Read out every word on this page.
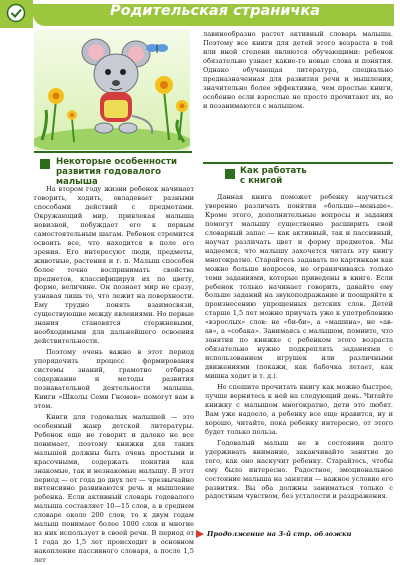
Родительская страничка

лавинообразно растет активный словарь малыша. Поэтому все книги для детей этого возраста в той или иной степени являются обучающими: ребенок обязательно узнает какие-то новые слова и понятия. Однако обучающая литература, специально предназначенная для развития речи и мышления, значительно более эффективна, чем простые книги, особенно если взрослые не просто прочитают их, но и позанимаются с малышом.

Некоторые особенности
развития годовалого малыша
Как работать
с книгой

На втором году жизни ребенок начинает говорить, ходить, овладевает разными способами действий с предметами. Окружающий мир, привлекая малыша новизной, побуждает его к первым самостоятельным шагам. Ребенок стремится освоить все, что находится в поле его зрения. Его интересуют люди, предметы, животные, растения и т. п. Малыш способен более точно воспринимать свойства предметов, классифицируя их по цвету, форме, величине. Он познает мир не сразу, узнавая лишь то, что лежит на поверхности. Ему трудно понять взаимосвязи, существующие между явлениями. Но первые знания становятся стержневыми, необходимыми для дальнейшего освоения действительности.

Поэтому очень важно в этот период упорядочить процесс формирования системы знаний, грамотно отбирая содержание и методы развития познавательной деятельности малыша. Книги «Школы Семи Гномов» помогут вам в этом.

Книги для годовалых малышей — это особенный жанр детской литературы. Ребенок еще не говорит и далеко не все понимает, поэтому книжки для таких малышей должны быть очень простыми и красочными, содержать понятия как знакомые, так и незнакомые малышу. В этот период — от года до двух лет — чрезвычайно интенсивно развиваются речь и мышление ребенка. Если активный словарь годовалого малыша составляет 10—15 слов, а в среднем словаре около 200 слов, то к двум годам малыш понимает более 1000 слов и многие из них использует в своей речи. В период от 1 года до 1,5 лет происходит в основном накопление пассивного словаря, а после 1,5 лет

Данная книга поможет ребенку научиться уверенно различать понятия «больше—меньше». Кроме этого, дополнительные вопросы и задания помогут малышу существенно расширить свой словарный запас — как активный, так и пассивный, научат различать цвет и форму предметов. Мы надеемся, что малышу захочется читать эту книгу многократно. Старайтесь задавать по картинкам как можно больше вопросов, не ограничиваясь только теми заданиями, которые приведены в книге. Если ребенок только начинает говорить, давайте ему больше заданий на звукоподражание и поощряйте к произнесению упрощенных детских слов. Детей старше 1,5 лет можно приучать уже к употреблению «взрослых» слов: не «би-би», а «машина», не «ав-ав», а «собака». Занимаясь с малышом, помните, что занятия по книжке с ребенком этого возраста обязательно нужно подкреплять заданиями с использованием игрушек или различными движениями (покажи, как бабочка летает, как мишка ходит и т. д.).

Не спешите прочитать книгу как можно быстрее, лучше вернитесь к ней на следующий день. Читайте книжку с малышом многократно, дети это любят. Вам уже надоело, а ребенку все еще нравится, ну и хорошо, читайте, пока ребенку интересно, от этого будет только польза.

Годовалый малыш не в состоянии долго удерживать внимание, заканчивайте занятие до того, как оно наскучит ребенку. Старайтесь, чтобы ему было интересно. Радостное, эмоциональное состояние малыша на занятии — важное условие его развития. Вы оба должны заниматься только с радостным чувством, без усталости и раздражения.

Продолжение на 3-й стр. обложки
